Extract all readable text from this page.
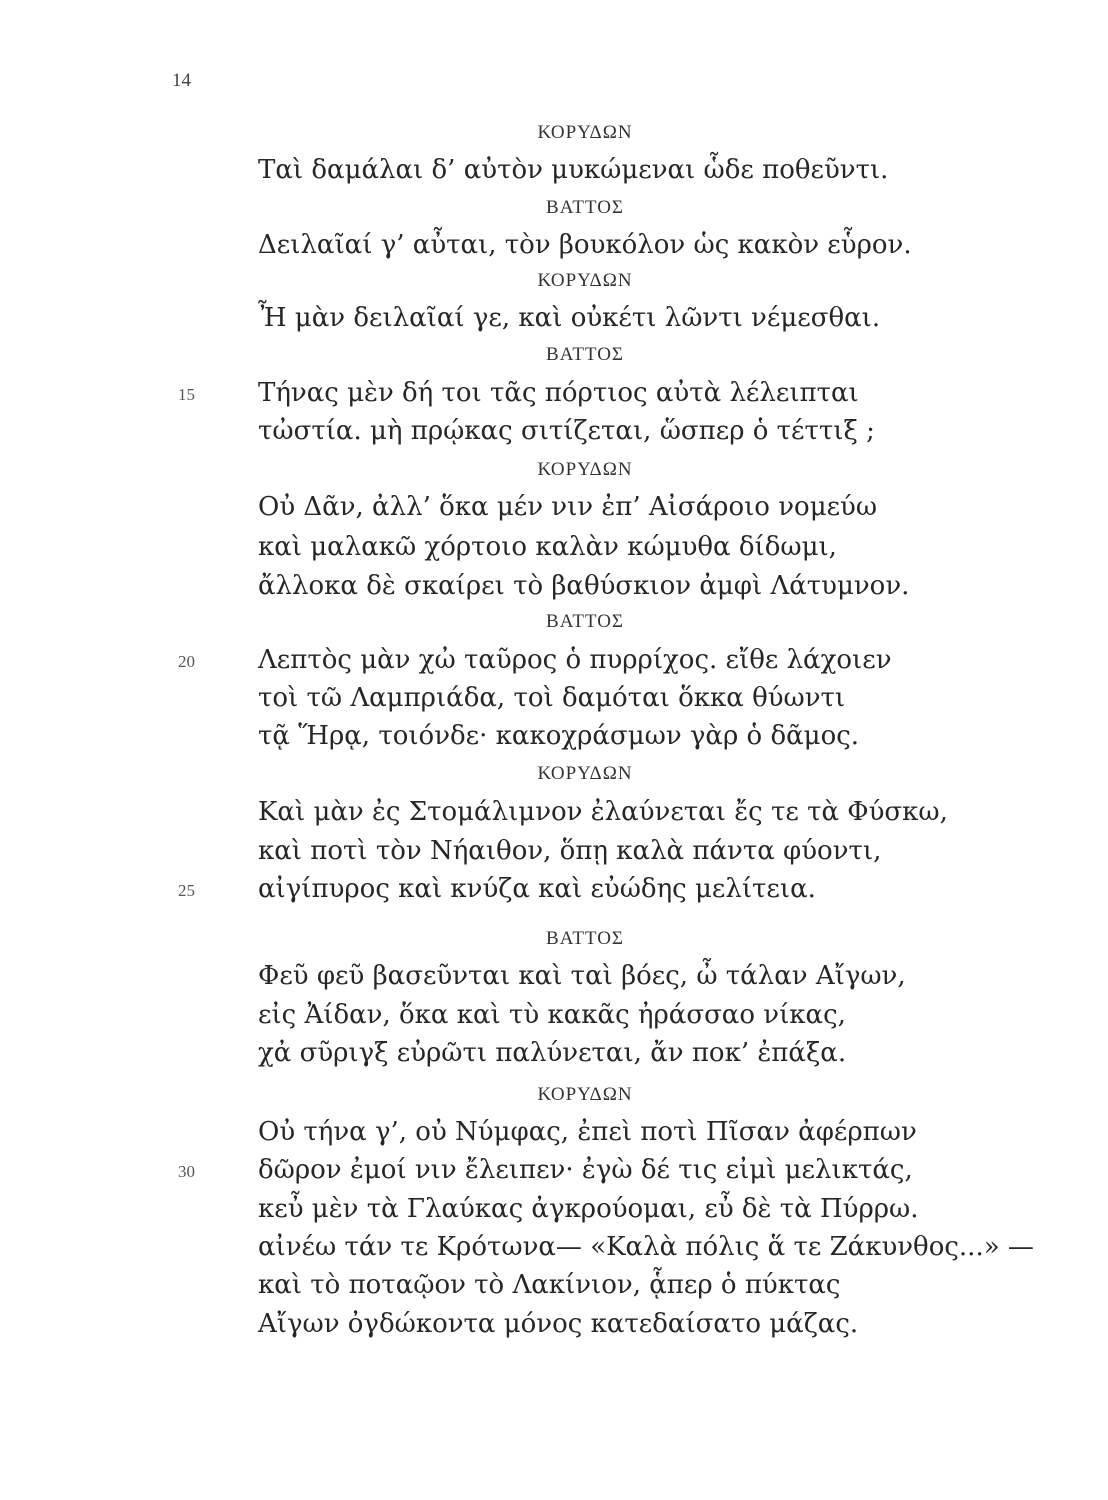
14
ΚΟΡΥΔΩΝ
Ταὶ δαμάλαι δ’ αὐτὸν μυκώμεναι ὧδε ποθεῦντι.
ΒΑΤΤΟΣ
Δειλαῖαί γ’ αὖται, τὸν βουκόλον ὡς κακὸν εὗρον.
ΚΟΡΥΔΩΝ
Ἦ μὰν δειλαῖαί γε, καὶ οὐκέτι λῶντι νέμεσθαι.
ΒΑΤΤΟΣ
Τήνας μὲν δή τοι τᾶς πόρτιος αὐτὰ λέλειπται
15
τὠστία. μὴ πρῴκας σιτίζεται, ὥσπερ ὁ τέττιξ ;
ΚΟΡΥΔΩΝ
Οὐ Δᾶν, ἀλλ’ ὅκα μέν νιν ἐπ’ Αἰσάροιο νομεύω
καὶ μαλακῶ χόρτοιο καλὰν κώμυθα δίδωμι,
ἄλλοκα δὲ σκαίρει τὸ βαθύσκιον ἀμφὶ Λάτυμνον.
ΒΑΤΤΟΣ
Λεπτὸς μὰν χὠ ταῦρος ὁ πυρρίχος. εἴθε λάχοιεν
20
τοὶ τῶ Λαμπριάδα, τοὶ δαμόται ὅκκα θύωντι
τᾷ Ἥρᾳ, τοιόνδε· κακοχράσμων γὰρ ὁ δᾶμος.
ΚΟΡΥΔΩΝ
Καὶ μὰν ἐς Στομάλιμνον ἐλαύνεται ἔς τε τὰ Φύσκω,
καὶ ποτὶ τὸν Νήαιθον, ὅπῃ καλὰ πάντα φύοντι,
αἰγίπυρος καὶ κνύζα καὶ εὐώδης μελίτεια.
25
ΒΑΤΤΟΣ
Φεῦ φεῦ βασεῦνται καὶ ταὶ βόες, ὦ τάλαν Αἴγων,
εἰς Ἀίδαν, ὅκα καὶ τὺ κακᾶς ἠράσσαο νίκας,
χἀ σῦριγξ εὐρῶτι παλύνεται, ἄν ποκ’ ἐπάξα.
ΚΟΡΥΔΩΝ
Οὐ τήνα γ’, οὐ Νύμφας, ἐπεὶ ποτὶ Πῖσαν ἀφέρπων
δῶρον ἐμοί νιν ἔλειπεν· ἐγὼ δέ τις εἰμὶ μελικτάς,
30
κεὖ μὲν τὰ Γλαύκας ἀγκρούομαι, εὖ δὲ τὰ Πύρρω.
αἰνέω τάν τε Κρότωνα— «Καλὰ πόλις ἅ τε Ζάκυνθος...» —
καὶ τὸ ποταῷον τὸ Λακίνιον, ᾇπερ ὁ πύκτας
Αἴγων ὀγδώκοντα μόνος κατεδαίσατο μάζας.
